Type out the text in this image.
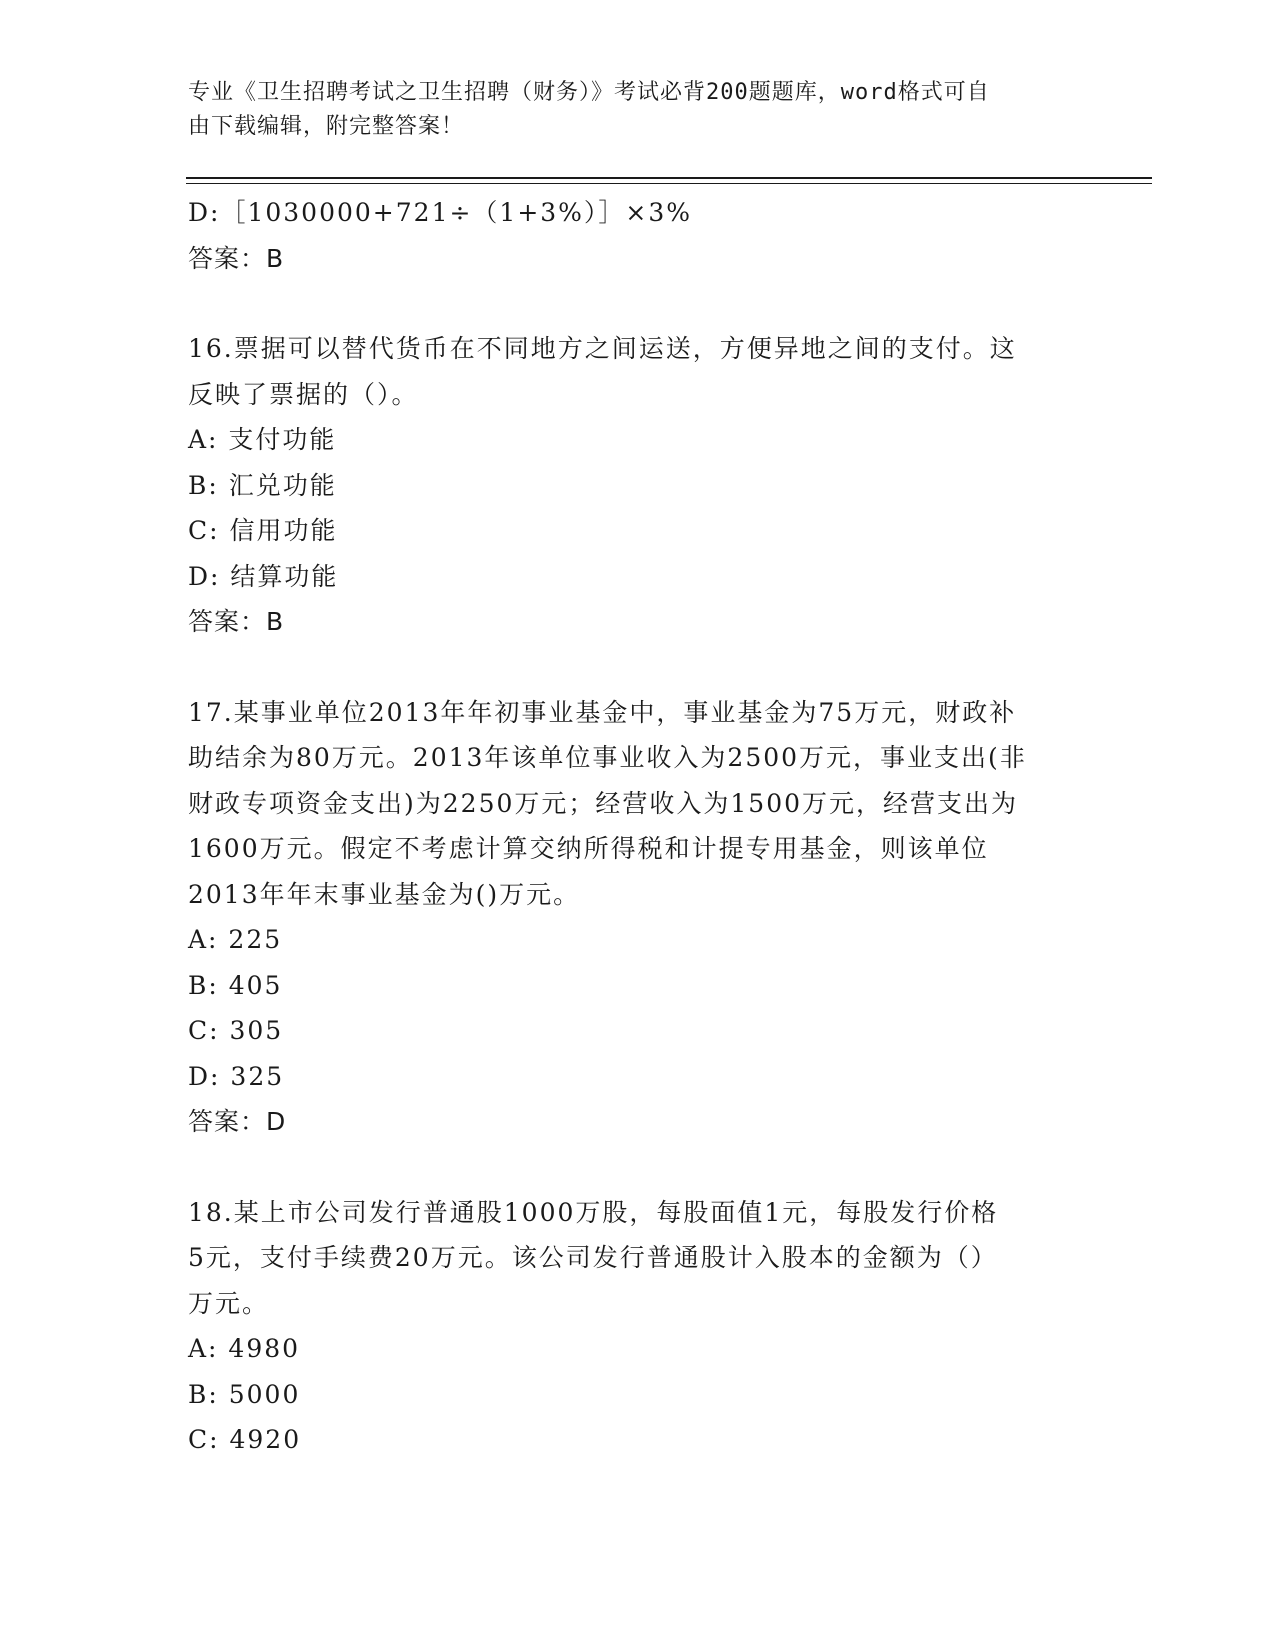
专业《卫生招聘考试之卫生招聘（财务）》考试必背200题题库，word格式可自
由下载编辑，附完整答案！
D:［1030000+721÷（1+3%）］×3%
答案：B
16.票据可以替代货币在不同地方之间运送，方便异地之间的支付。这
反映了票据的（）。
A: 支付功能
B: 汇兑功能
C: 信用功能
D: 结算功能
答案：B
17.某事业单位2013年年初事业基金中，事业基金为75万元，财政补
助结余为80万元。2013年该单位事业收入为2500万元，事业支出(非
财政专项资金支出)为2250万元；经营收入为1500万元，经营支出为
1600万元。假定不考虑计算交纳所得税和计提专用基金，则该单位
2013年年末事业基金为()万元。
A: 225
B: 405
C: 305
D: 325
答案：D
18.某上市公司发行普通股1000万股，每股面值1元，每股发行价格
5元，支付手续费20万元。该公司发行普通股计入股本的金额为（）
万元。
A: 4980
B: 5000
C: 4920
